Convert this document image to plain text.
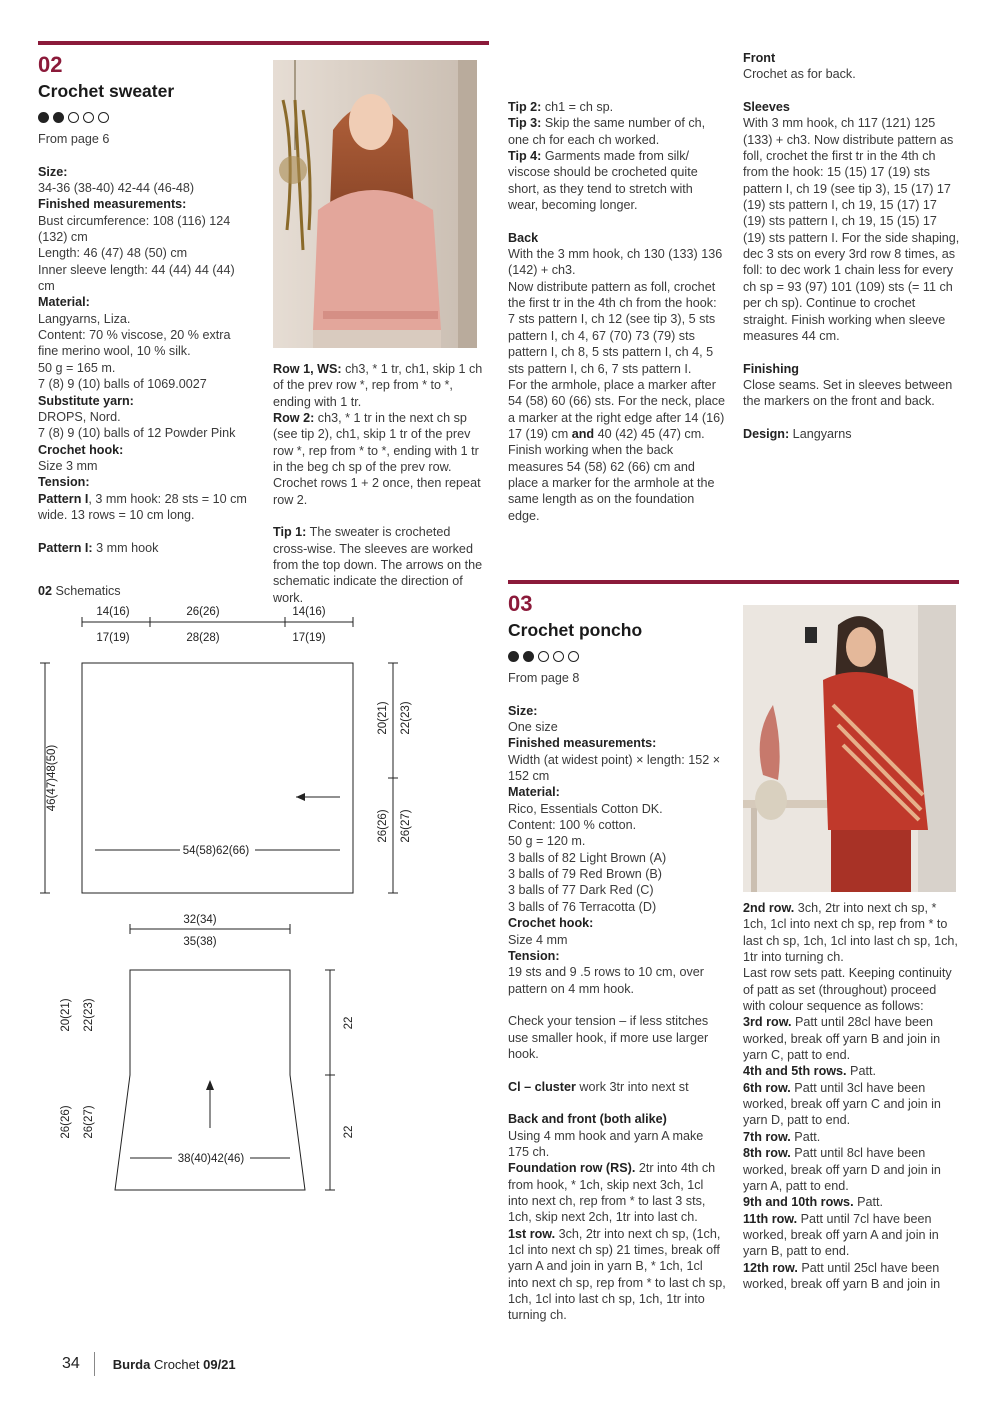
02
Crochet sweater

From page 6

Size:

34-36 (38-40) 42-44 (46-48)

Finished measurements:

Bust circumference: 108 (116) 124 (132) cm

Length: 46 (47) 48 (50) cm

Inner sleeve length: 44 (44) 44 (44) cm

Material:

Langyarns, Liza.

Content: 70 % viscose, 20 % extra fine merino wool, 10 % silk.

50 g = 165 m.

7 (8) 9 (10) balls of 1069.0027

Substitute yarn:

DROPS, Nord.

7 (8) 9 (10) balls of 12 Powder Pink

Crochet hook:

Size 3 mm

Tension:

Pattern I, 3 mm hook: 28 sts = 10 cm wide. 13 rows = 10 cm long.

Pattern I: 3 mm hook

Row 1, WS: ch3, * 1 tr, ch1, skip 1 ch of the prev row *, rep from * to *, ending with 1 tr.

Row 2: ch3, * 1 tr in the next ch sp (see tip 2), ch1, skip 1 tr of the prev row *, rep from * to *, ending with 1 tr in the beg ch sp of the prev row. Crochet rows 1 + 2 once, then repeat row 2.

Tip 1: The sweater is crocheted cross-wise. The sleeves are worked from the top down. The arrows on the schematic indicate the direction of work.

Tip 2: ch1 = ch sp.

Tip 3: Skip the same number of ch, one ch for each ch worked.

Tip 4: Garments made from silk/ viscose should be crocheted quite short, as they tend to stretch with wear, becoming longer.

Back

With the 3 mm hook, ch 130 (133) 136 (142) + ch3.

Now distribute pattern as foll, crochet the first tr in the 4th ch from the hook: 7 sts pattern I, ch 12 (see tip 3), 5 sts pattern I, ch 4, 67 (70) 73 (79) sts pattern I, ch 8, 5 sts pattern I, ch 4, 5 sts pattern I, ch 6, 7 sts pattern I.

For the armhole, place a marker after 54 (58) 60 (66) sts. For the neck, place a marker at the right edge after 14 (16) 17 (19) cm and 40 (42) 45 (47) cm. Finish working when the back measures 54 (58) 62 (66) cm and place a marker for the armhole at the same length as on the foundation edge.

Front

Crochet as for back.

Sleeves

With 3 mm hook, ch 117 (121) 125 (133) + ch3. Now distribute pattern as foll, crochet the first tr in the 4th ch from the hook: 15 (15) 17 (19) sts pattern I, ch 19 (see tip 3), 15 (17) 17 (19) sts pattern I, ch 19, 15 (17) 17 (19) sts pattern I, ch 19, 15 (15) 17 (19) sts pattern I. For the side shaping, dec 3 sts on every 3rd row 8 times, as foll: to dec work 1 chain less for every ch sp = 93 (97) 101 (109) sts (= 11 ch per ch sp). Continue to crochet straight. Finish working when sleeve measures 44 cm.

Finishing

Close seams. Set in sleeves between the markers on the front and back.

Design: Langyarns

02 Schematics
14(16)	26(26)	14(16)
17(19)	28(28)	17(19)
54(58)62(66)
46(47)48(50)
20(21) 22(23)
26(26) 26(27)
32(34)
35(38)
38(40)42(46)
20(21) 22(23)
26(26) 26(27)
22
22
03
Crochet poncho

From page 8

Size:

One size

Finished measurements:

Width (at widest point) × length: 152 × 152 cm

Material:

Rico, Essentials Cotton DK.

Content: 100 % cotton.

50 g = 120 m.

3 balls of 82 Light Brown (A)

3 balls of 79 Red Brown (B)

3 balls of 77 Dark Red (C)

3 balls of 76 Terracotta (D)

Crochet hook:

Size 4 mm

Tension:

19 sts and 9 .5 rows to 10 cm, over pattern on 4 mm hook.

Check your tension – if less stitches use smaller hook, if more use larger hook.

Cl – cluster work 3tr into next st

Back and front (both alike)

Using 4 mm hook and yarn A make 175 ch.

Foundation row (RS). 2tr into 4th ch from hook, * 1ch, skip next 3ch, 1cl into next ch, rep from * to last 3 sts, 1ch, skip next 2ch, 1tr into last ch.

1st row. 3ch, 2tr into next ch sp, (1ch, 1cl into next ch sp) 21 times, break off yarn A and join in yarn B, * 1ch, 1cl into next ch sp, rep from * to last ch sp, 1ch, 1cl into last ch sp, 1ch, 1tr into turning ch.

2nd row. 3ch, 2tr into next ch sp, * 1ch, 1cl into next ch sp, rep from * to last ch sp, 1ch, 1cl into last ch sp, 1ch, 1tr into turning ch.

Last row sets patt. Keeping continuity of patt as set (throughout) proceed with colour sequence as follows:

3rd row. Patt until 28cl have been worked, break off yarn B and join in yarn C, patt to end.

4th and 5th rows. Patt.

6th row. Patt until 3cl have been worked, break off yarn C and join in yarn D, patt to end.

7th row. Patt.

8th row. Patt until 8cl have been worked, break off yarn D and join in yarn A, patt to end.

9th and 10th rows. Patt.

11th row. Patt until 7cl have been worked, break off yarn A and join in yarn B, patt to end.

12th row. Patt until 25cl have been worked, break off yarn B and join in

34	Burda Crochet 09/21
